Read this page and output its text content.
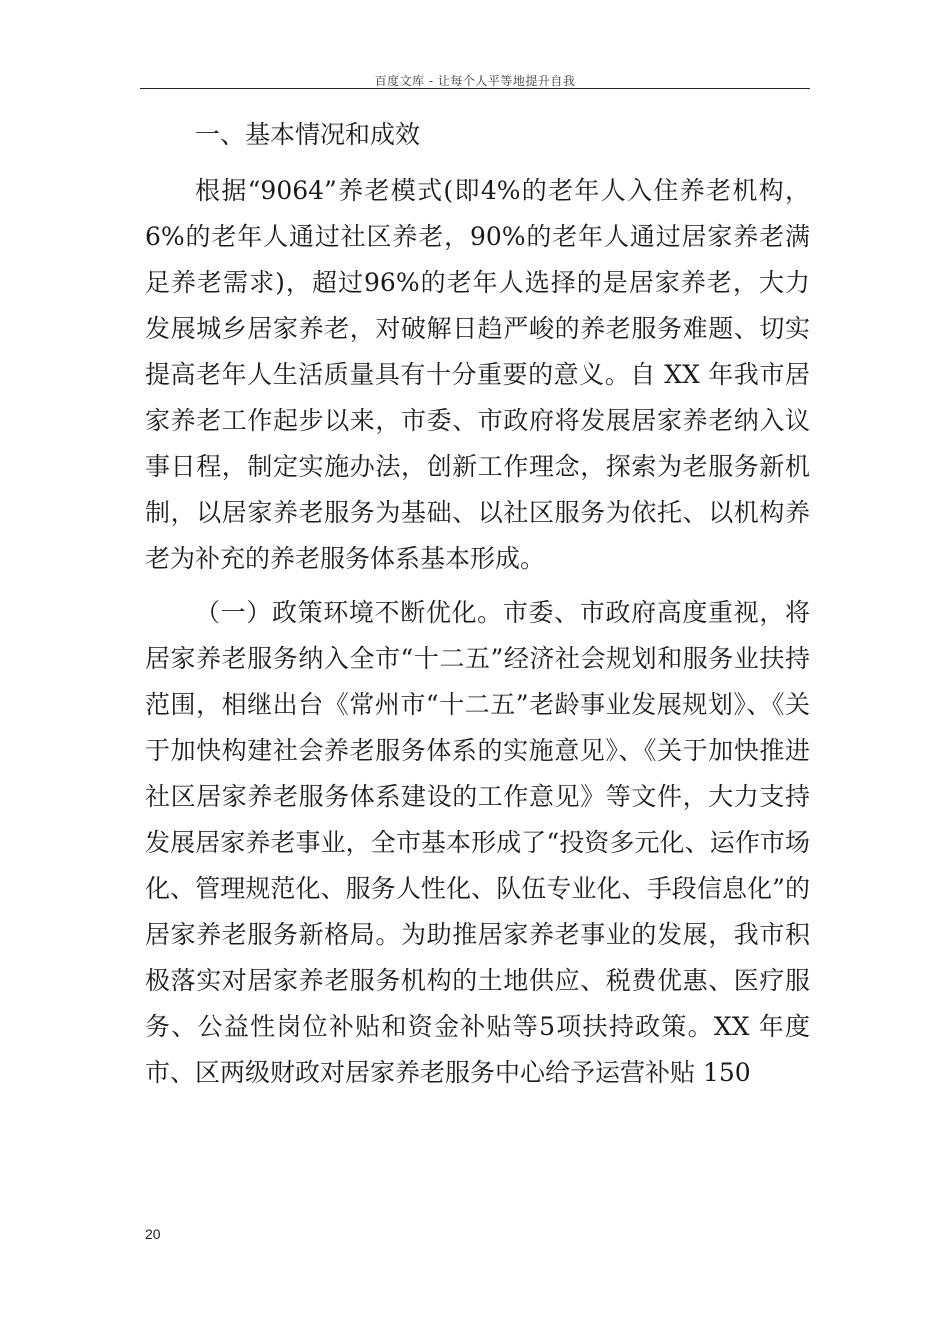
百度文库 - 让每个人平等地提升自我

一、基本情况和成效

根据“9064”养老模式(即4%的老年人入住养老机构，6%的老年人通过社区养老，90%的老年人通过居家养老满足养老需求)，超过96%的老年人选择的是居家养老，大力发展城乡居家养老，对破解日趋严峻的养老服务难题、切实提高老年人生活质量具有十分重要的意义。自 XX 年我市居家养老工作起步以来，市委、市政府将发展居家养老纳入议事日程，制定实施办法，创新工作理念，探索为老服务新机制，以居家养老服务为基础、以社区服务为依托、以机构养老为补充的养老服务体系基本形成。

（一）政策环境不断优化。市委、市政府高度重视，将居家养老服务纳入全市“十二五”经济社会规划和服务业扶持范围，相继出台《常州市“十二五”老龄事业发展规划》、《关于加快构建社会养老服务体系的实施意见》、《关于加快推进社区居家养老服务体系建设的工作意见》等文件，大力支持发展居家养老事业，全市基本形成了“投资多元化、运作市场化、管理规范化、服务人性化、队伍专业化、手段信息化”的居家养老服务新格局。为助推居家养老事业的发展，我市积极落实对居家养老服务机构的土地供应、税费优惠、医疗服务、公益性岗位补贴和资金补贴等5项扶持政策。XX 年度市、区两级财政对居家养老服务中心给予运营补贴 150

20
